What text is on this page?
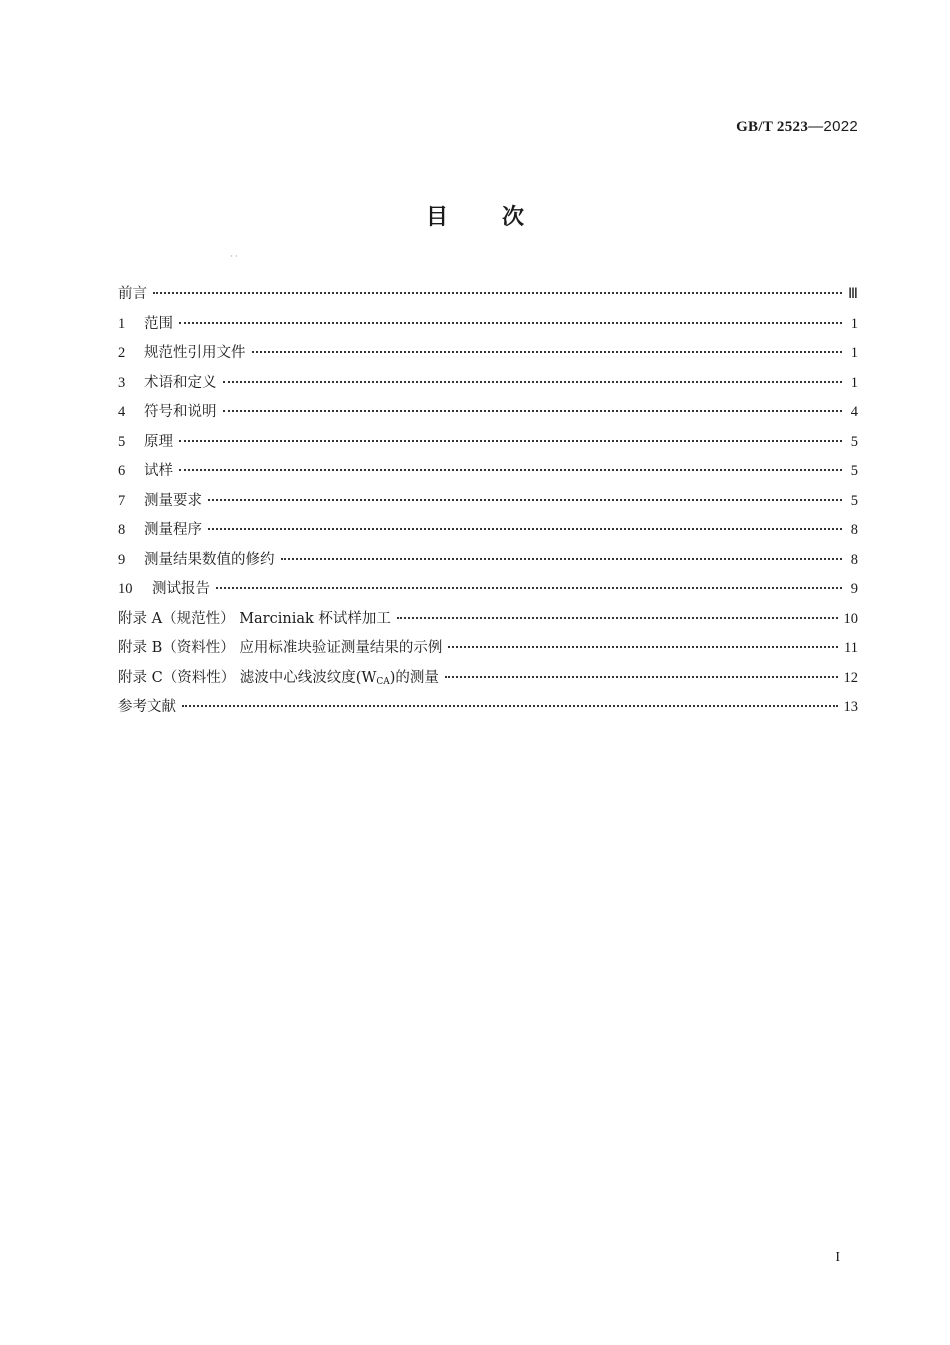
GB/T 2523—2022
目次
· ·
前言	Ⅲ
1	范围	1
2	规范性引用文件	1
3	术语和定义	1
4	符号和说明	4
5	原理	5
6	试样	5
7	测量要求	5
8	测量程序	8
9	测量结果数值的修约	8
10	测试报告	9
附录 A（规范性） Marciniak 杯试样加工	10
附录 B（资料性） 应用标准块验证测量结果的示例	11
附录 C（资料性） 滤波中心线波纹度$(W_{CA})$的测量	12
参考文献	13
I
